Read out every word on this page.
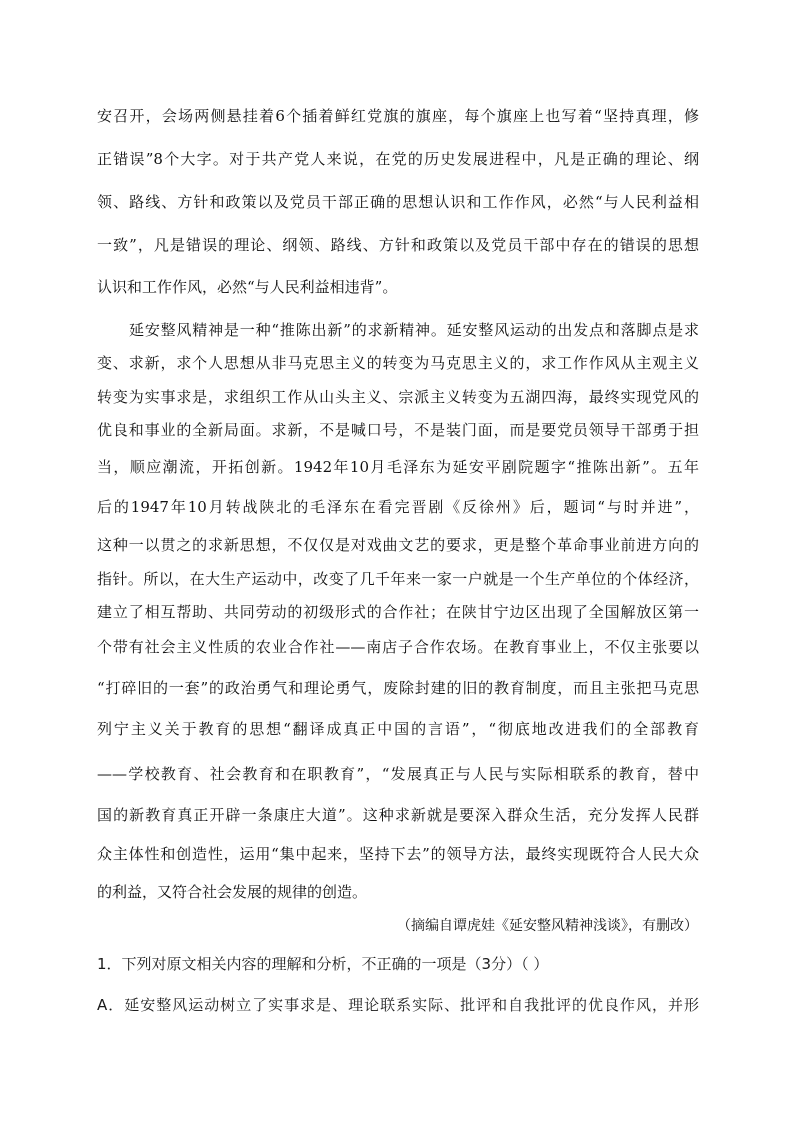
安召开，会场两侧悬挂着6个插着鲜红党旗的旗座，每个旗座上也写着“坚持真理，修

正错误”8个大字。对于共产党人来说，在党的历史发展进程中，凡是正确的理论、纲

领、路线、方针和政策以及党员干部正确的思想认识和工作作风，必然“与人民利益相

一致”，凡是错误的理论、纲领、路线、方针和政策以及党员干部中存在的错误的思想

认识和工作作风，必然“与人民利益相违背”。

延安整风精神是一种“推陈出新”的求新精神。延安整风运动的出发点和落脚点是求

变、求新，求个人思想从非马克思主义的转变为马克思主义的，求工作作风从主观主义

转变为实事求是，求组织工作从山头主义、宗派主义转变为五湖四海，最终实现党风的

优良和事业的全新局面。求新，不是喊口号，不是装门面，而是要党员领导干部勇于担

当，顺应潮流，开拓创新。1942年10月毛泽东为延安平剧院题字“推陈出新”。五年

后的1947年10月转战陕北的毛泽东在看完晋剧《反徐州》后，题词“与时并进”，

这种一以贯之的求新思想，不仅仅是对戏曲文艺的要求，更是整个革命事业前进方向的

指针。所以，在大生产运动中，改变了几千年来一家一户就是一个生产单位的个体经济，

建立了相互帮助、共同劳动的初级形式的合作社；在陕甘宁边区出现了全国解放区第一

个带有社会主义性质的农业合作社——南店子合作农场。在教育事业上，不仅主张要以

“打碎旧的一套”的政治勇气和理论勇气，废除封建的旧的教育制度，而且主张把马克思

列宁主义关于教育的思想“翻译成真正中国的言语”，“彻底地改进我们的全部教育

——学校教育、社会教育和在职教育”，“发展真正与人民与实际相联系的教育，替中

国的新教育真正开辟一条康庄大道”。这种求新就是要深入群众生活，充分发挥人民群

众主体性和创造性，运用“集中起来，坚持下去”的领导方法，最终实现既符合人民大众

的利益，又符合社会发展的规律的创造。

（摘编自谭虎娃《延安整风精神浅谈》，有删改）

1．下列对原文相关内容的理解和分析，不正确的一项是（3分）（ ）

A．延安整风运动树立了实事求是、理论联系实际、批评和自我批评的优良作风，并形
